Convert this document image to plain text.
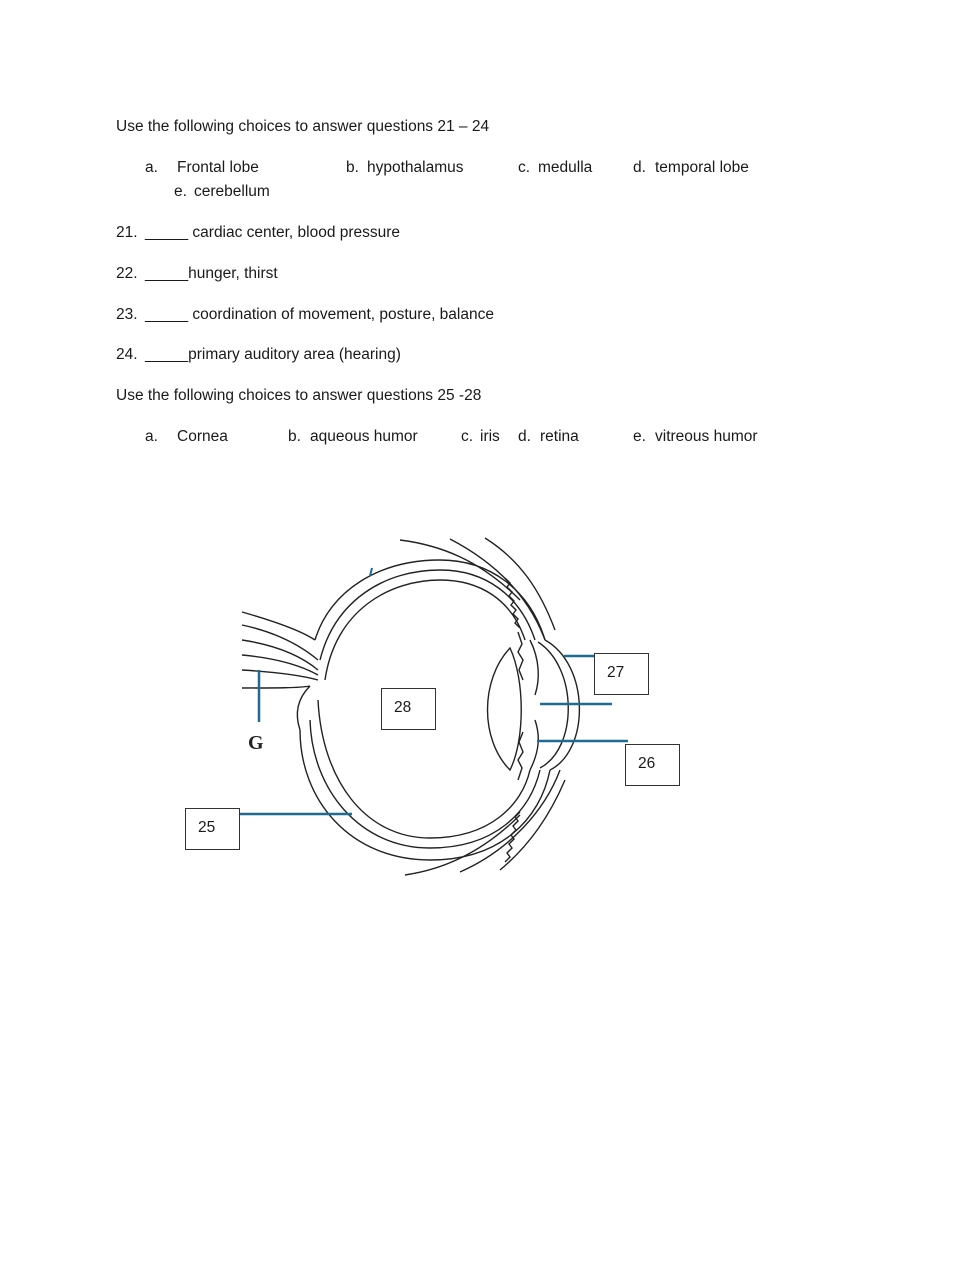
Use the following choices to answer questions 21 – 24
a. Frontal lobe	b. hypothalamus	c. medulla	d. temporal lobe
e. cerebellum
21. _____ cardiac center, blood pressure
22. _____hunger, thirst
23. _____ coordination of movement, posture, balance
24. _____primary auditory area (hearing)
Use the following choices to answer questions 25 -28
a. Cornea	b. aqueous humor	c. iris d. retina	e. vitreous humor
G
25
26
27
28
